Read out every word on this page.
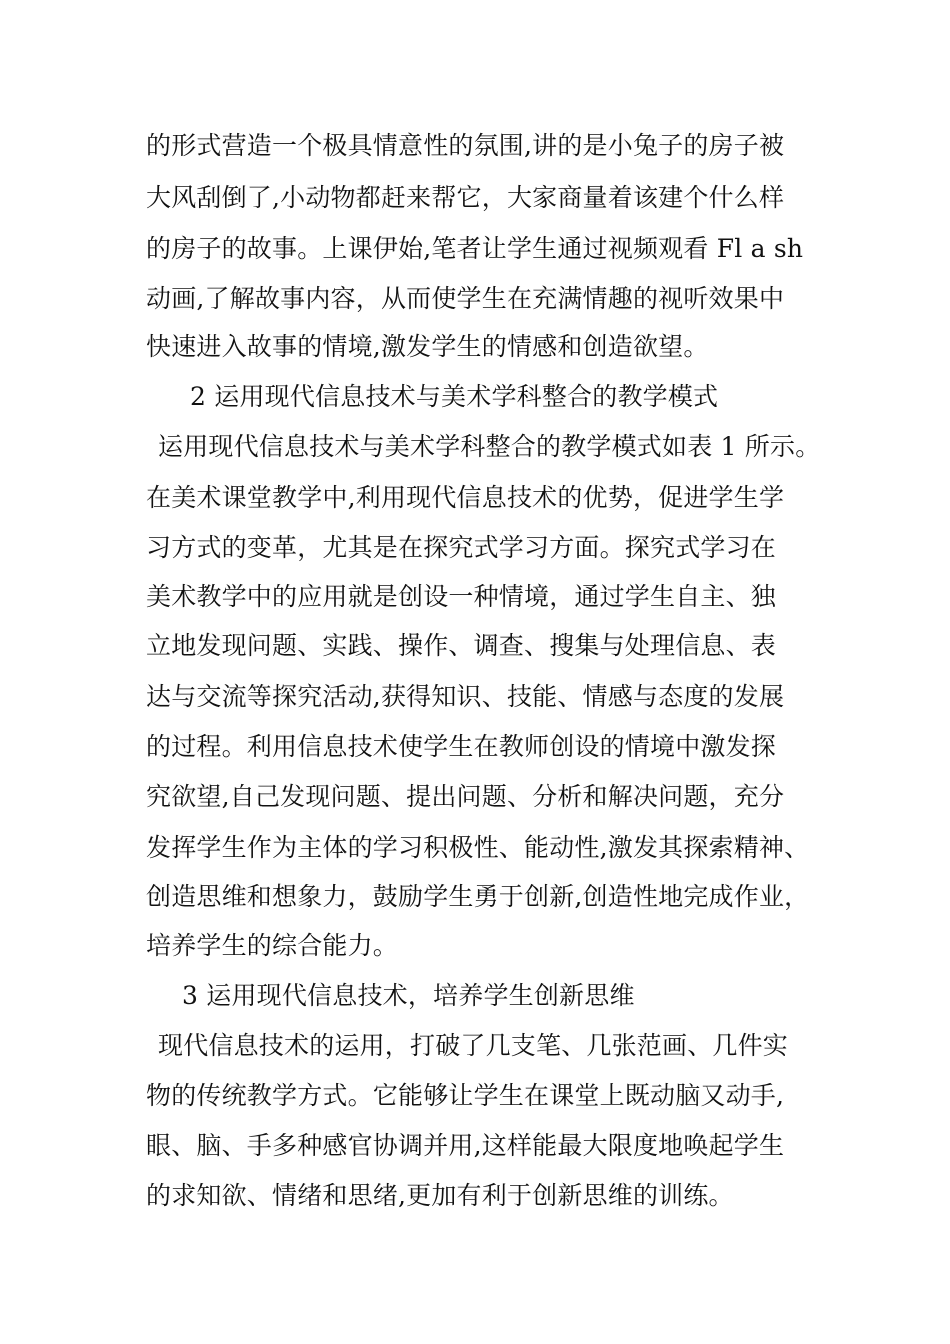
的形式营造一个极具情意性的氛围,讲的是小兔子的房子被
大风刮倒了,小动物都赶来帮它，大家商量着该建个什么样
的房子的故事。上课伊始,笔者让学生通过视频观看 Fl a sh
动画,了解故事内容，从而使学生在充满情趣的视听效果中
快速进入故事的情境,激发学生的情感和创造欲望。
2 运用现代信息技术与美术学科整合的教学模式
运用现代信息技术与美术学科整合的教学模式如表 1 所示。
在美术课堂教学中,利用现代信息技术的优势，促进学生学
习方式的变革，尤其是在探究式学习方面。探究式学习在
美术教学中的应用就是创设一种情境，通过学生自主、独
立地发现问题、实践、操作、调查、搜集与处理信息、表
达与交流等探究活动,获得知识、技能、情感与态度的发展
的过程。利用信息技术使学生在教师创设的情境中激发探
究欲望,自己发现问题、提出问题、分析和解决问题，充分
发挥学生作为主体的学习积极性、能动性,激发其探索精神、
创造思维和想象力，鼓励学生勇于创新,创造性地完成作业，
培养学生的综合能力。
3 运用现代信息技术，培养学生创新思维
现代信息技术的运用，打破了几支笔、几张范画、几件实
物的传统教学方式。它能够让学生在课堂上既动脑又动手,
眼、脑、手多种感官协调并用,这样能最大限度地唤起学生
的求知欲、情绪和思绪,更加有利于创新思维的训练。
